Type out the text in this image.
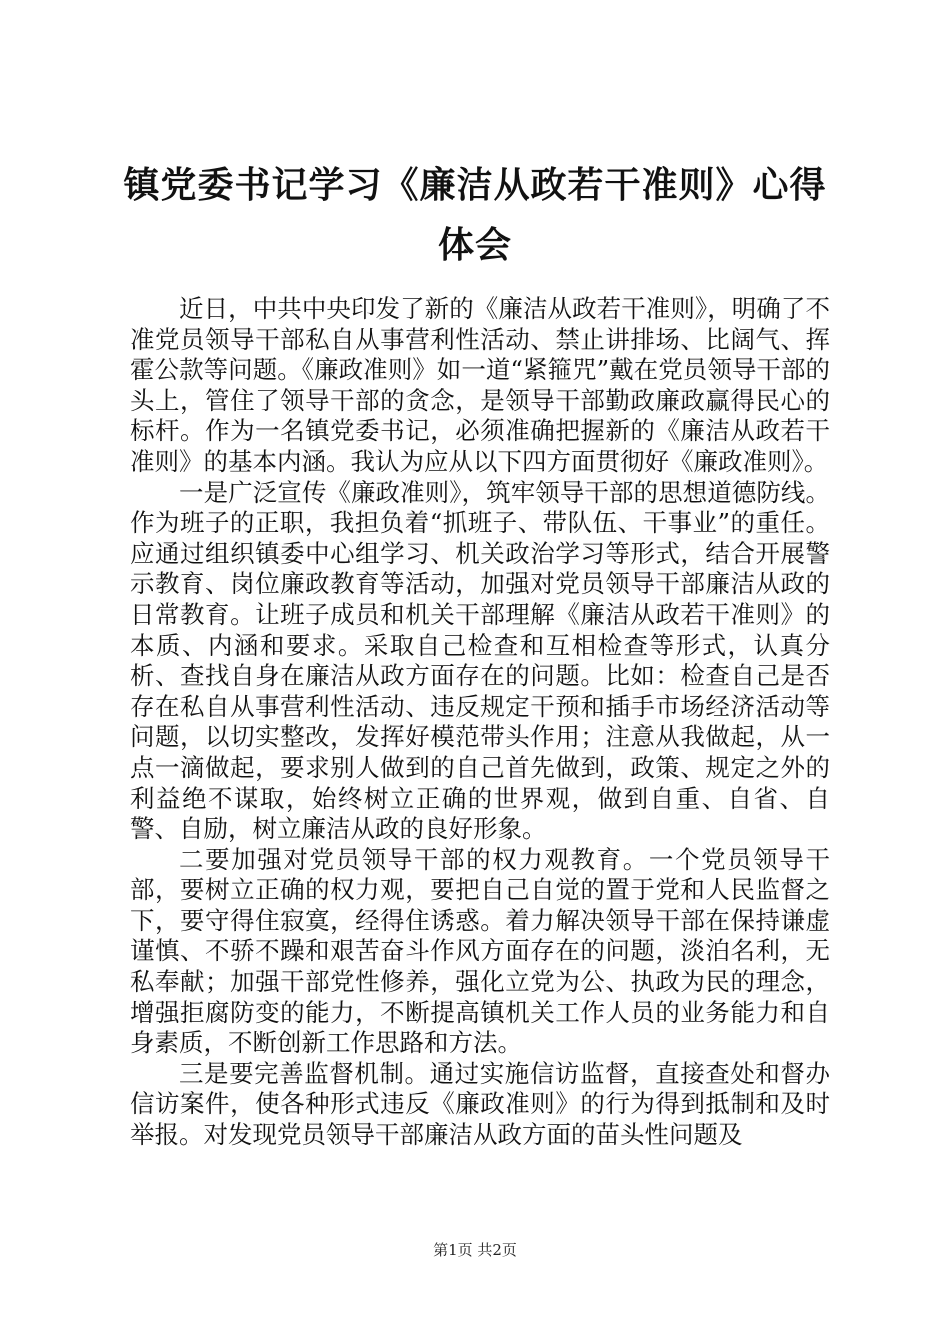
镇党委书记学习《廉洁从政若干准则》心得体会

近日，中共中央印发了新的《廉洁从政若干准则》，明确了不准党员领导干部私自从事营利性活动、禁止讲排场、比阔气、挥霍公款等问题。《廉政准则》如一道“紧箍咒”戴在党员领导干部的头上，管住了领导干部的贪念，是领导干部勤政廉政赢得民心的标杆。作为一名镇党委书记，必须准确把握新的《廉洁从政若干准则》的基本内涵。我认为应从以下四方面贯彻好《廉政准则》。

一是广泛宣传《廉政准则》，筑牢领导干部的思想道德防线。作为班子的正职，我担负着“抓班子、带队伍、干事业”的重任。应通过组织镇委中心组学习、机关政治学习等形式，结合开展警示教育、岗位廉政教育等活动，加强对党员领导干部廉洁从政的日常教育。让班子成员和机关干部理解《廉洁从政若干准则》的本质、内涵和要求。采取自己检查和互相检查等形式，认真分析、查找自身在廉洁从政方面存在的问题。比如：检查自己是否存在私自从事营利性活动、违反规定干预和插手市场经济活动等问题，以切实整改，发挥好模范带头作用；注意从我做起，从一点一滴做起，要求别人做到的自己首先做到，政策、规定之外的利益绝不谋取，始终树立正确的世界观，做到自重、自省、自警、自励，树立廉洁从政的良好形象。

二要加强对党员领导干部的权力观教育。一个党员领导干部，要树立正确的权力观，要把自己自觉的置于党和人民监督之下，要守得住寂寞，经得住诱惑。着力解决领导干部在保持谦虚谨慎、不骄不躁和艰苦奋斗作风方面存在的问题，淡泊名利，无私奉献；加强干部党性修养，强化立党为公、执政为民的理念，增强拒腐防变的能力，不断提高镇机关工作人员的业务能力和自身素质，不断创新工作思路和方法。

三是要完善监督机制。通过实施信访监督，直接查处和督办信访案件，使各种形式违反《廉政准则》的行为得到抵制和及时举报。对发现党员领导干部廉洁从政方面的苗头性问题及

第1页 共2页
